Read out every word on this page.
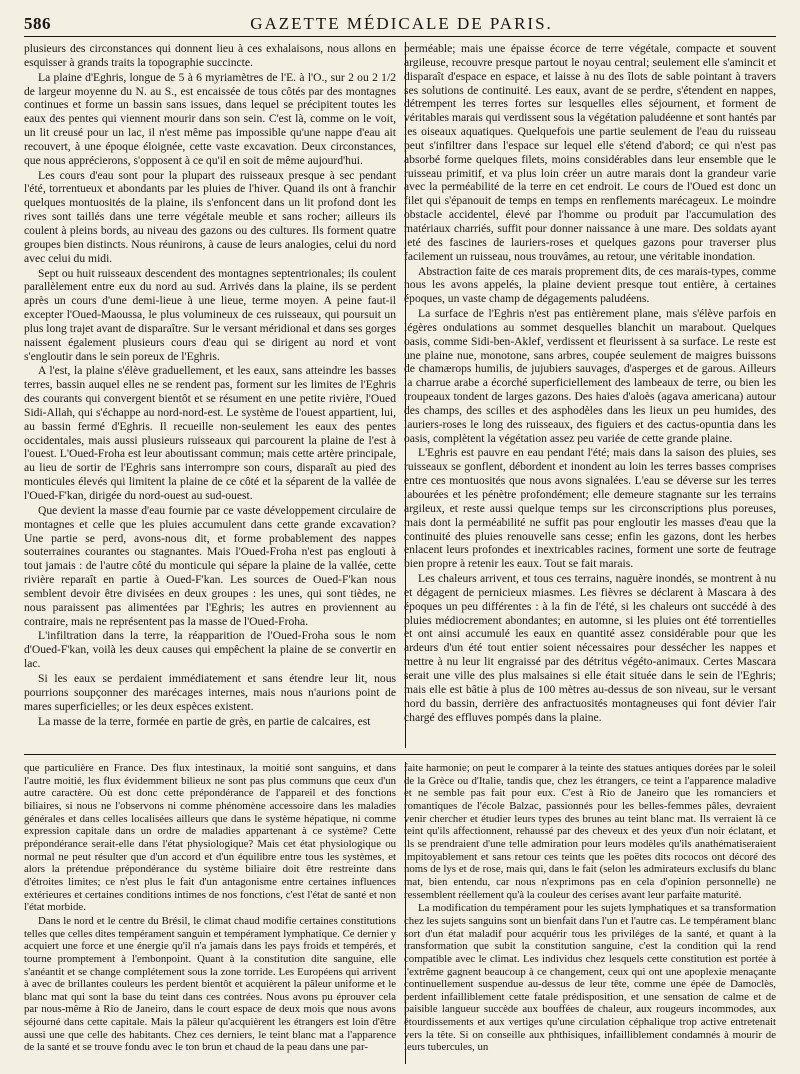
586	GAZETTE MÉDICALE DE PARIS.

plusieurs des circonstances qui donnent lieu à ces exhalaisons, nous allons en esquisser à grands traits la topographie succincte.

La plaine d'Eghris, longue de 5 à 6 myriamètres de l'E. à l'O., sur 2 ou 2 1/2 de largeur moyenne du N. au S., est encaissée de tous côtés par des montagnes continues et forme un bassin sans issues, dans lequel se précipitent toutes les eaux des pentes qui viennent mourir dans son sein. C'est là, comme on le voit, un lit creusé pour un lac, il n'est même pas impossible qu'une nappe d'eau ait recouvert, à une époque éloignée, cette vaste excavation. Deux circonstances, que nous apprécierons, s'opposent à ce qu'il en soit de même aujourd'hui.

Les cours d'eau sont pour la plupart des ruisseaux presque à sec pendant l'été, torrentueux et abondants par les pluies de l'hiver. Quand ils ont à franchir quelques montuosités de la plaine, ils s'enfoncent dans un lit profond dont les rives sont taillés dans une terre végétale meuble et sans rocher; ailleurs ils coulent à pleins bords, au niveau des gazons ou des cultures. Ils forment quatre groupes bien distincts. Nous réunirons, à cause de leurs analogies, celui du nord avec celui du midi.

Sept ou huit ruisseaux descendent des montagnes septentrionales; ils coulent parallèlement entre eux du nord au sud. Arrivés dans la plaine, ils se perdent après un cours d'une demi-lieue à une lieue, terme moyen. A peine faut-il excepter l'Oued-Maoussa, le plus volumineux de ces ruisseaux, qui poursuit un plus long trajet avant de disparaître. Sur le versant méridional et dans ses gorges naissent également plusieurs cours d'eau qui se dirigent au nord et vont s'engloutir dans le sein poreux de l'Eghris.

A l'est, la plaine s'élève graduellement, et les eaux, sans atteindre les basses terres, bassin auquel elles ne se rendent pas, forment sur les limites de l'Eghris des courants qui convergent bientôt et se résument en une petite rivière, l'Oued Sidi-Allah, qui s'échappe au nord-nord-est. Le système de l'ouest appartient, lui, au bassin fermé d'Eghris. Il recueille non-seulement les eaux des pentes occidentales, mais aussi plusieurs ruisseaux qui parcourent la plaine de l'est à l'ouest. L'Oued-Froha est leur aboutissant commun; mais cette artère principale, au lieu de sortir de l'Eghris sans interrompre son cours, disparaît au pied des monticules élevés qui limitent la plaine de ce côté et la séparent de la vallée de l'Oued-F'kan, dirigée du nord-ouest au sud-ouest.

Que devient la masse d'eau fournie par ce vaste développement circulaire de montagnes et celle que les pluies accumulent dans cette grande excavation? Une partie se perd, avons-nous dit, et forme probablement des nappes souterraines courantes ou stagnantes. Mais l'Oued-Froha n'est pas englouti à tout jamais : de l'autre côté du monticule qui sépare la plaine de la vallée, cette rivière reparaît en partie à Oued-F'kan. Les sources de Oued-F'kan nous semblent devoir être divisées en deux groupes : les unes, qui sont tièdes, ne nous paraissent pas alimentées par l'Eghris; les autres en proviennent au contraire, mais ne représentent pas la masse de l'Oued-Froha.

L'infiltration dans la terre, la réapparition de l'Oued-Froha sous le nom d'Oued-F'kan, voilà les deux causes qui empêchent la plaine de se convertir en lac.

Si les eaux se perdaient immédiatement et sans étendre leur lit, nous pourrions soupçonner des marécages internes, mais nous n'aurions point de mares superficielles; or les deux espèces existent.

La masse de la terre, formée en partie de grès, en partie de calcaires, est

perméable; mais une épaisse écorce de terre végétale, compacte et souvent argileuse, recouvre presque partout le noyau central; seulement elle s'amincit et disparaît d'espace en espace, et laisse à nu des îlots de sable pointant à travers ses solutions de continuité. Les eaux, avant de se perdre, s'étendent en nappes, détrempent les terres fortes sur lesquelles elles séjournent, et forment de véritables marais qui verdissent sous la végétation paludéenne et sont hantés par les oiseaux aquatiques. Quelquefois une partie seulement de l'eau du ruisseau peut s'infiltrer dans l'espace sur lequel elle s'étend d'abord; ce qui n'est pas absorbé forme quelques filets, moins considérables dans leur ensemble que le ruisseau primitif, et va plus loin créer un autre marais dont la grandeur varie avec la perméabilité de la terre en cet endroit. Le cours de l'Oued est donc un filet qui s'épanouit de temps en temps en renflements marécageux. Le moindre obstacle accidentel, élevé par l'homme ou produit par l'accumulation des matériaux charriés, suffit pour donner naissance à une mare. Des soldats ayant jeté des fascines de lauriers-roses et quelques gazons pour traverser plus facilement un ruisseau, nous trouvâmes, au retour, une véritable inondation.

Abstraction faite de ces marais proprement dits, de ces marais-types, comme nous les avons appelés, la plaine devient presque tout entière, à certaines époques, un vaste champ de dégagements paludéens.

La surface de l'Eghris n'est pas entièrement plane, mais s'élève parfois en légères ondulations au sommet desquelles blanchit un marabout. Quelques oasis, comme Sidi-ben-Aklef, verdissent et fleurissent à sa surface. Le reste est une plaine nue, monotone, sans arbres, coupée seulement de maigres buissons de chamærops humilis, de jujubiers sauvages, d'asperges et de garous. Ailleurs la charrue arabe a écorché superficiellement des lambeaux de terre, ou bien les troupeaux tondent de larges gazons. Des haies d'aloès (agava americana) autour des champs, des scilles et des asphodèles dans les lieux un peu humides, des lauriers-roses le long des ruisseaux, des figuiers et des cactus-opuntia dans les oasis, complètent la végétation assez peu variée de cette grande plaine.

L'Eghris est pauvre en eau pendant l'été; mais dans la saison des pluies, ses ruisseaux se gonflent, débordent et inondent au loin les terres basses comprises entre ces montuosités que nous avons signalées. L'eau se déverse sur les terres labourées et les pénètre profondément; elle demeure stagnante sur les terrains argileux, et reste aussi quelque temps sur les circonscriptions plus poreuses, mais dont la perméabilité ne suffit pas pour engloutir les masses d'eau que la continuité des pluies renouvelle sans cesse; enfin les gazons, dont les herbes enlacent leurs profondes et inextricables racines, forment une sorte de feutrage bien propre à retenir les eaux. Tout se fait marais.

Les chaleurs arrivent, et tous ces terrains, naguère inondés, se montrent à nu et dégagent de pernicieux miasmes. Les fièvres se déclarent à Mascara à des époques un peu différentes : à la fin de l'été, si les chaleurs ont succédé à des pluies médiocrement abondantes; en automne, si les pluies ont été torrentielles et ont ainsi accumulé les eaux en quantité assez considérable pour que les ardeurs d'un été tout entier soient nécessaires pour dessécher les nappes et mettre à nu leur lit engraissé par des détritus végéto-animaux. Certes Mascara serait une ville des plus malsaines si elle était située dans le sein de l'Eghris; mais elle est bâtie à plus de 100 mètres au-dessus de son niveau, sur le versant nord du bassin, derrière des anfractuosités montagneuses qui font dévier l'air chargé des effluves pompés dans la plaine.

que particulière en France. Des flux intestinaux, la moitié sont sanguins, et dans l'autre moitié, les flux évidemment bilieux ne sont pas plus communs que ceux d'un autre caractère. Où est donc cette prépondérance de l'appareil et des fonctions biliaires, si nous ne l'observons ni comme phénomène accessoire dans les maladies générales et dans celles localisées ailleurs que dans le système hépatique, ni comme expression capitale dans un ordre de maladies appartenant à ce système? Cette prépondérance serait-elle dans l'état physiologique? Mais cet état physiologique ou normal ne peut résulter que d'un accord et d'un équilibre entre tous les systèmes, et alors la prétendue prépondérance du système biliaire doit être restreinte dans d'étroites limites; ce n'est plus le fait d'un antagonisme entre certaines influences extérieures et certaines conditions intimes de nos fonctions, c'est l'état de santé et non l'état morbide.

Dans le nord et le centre du Brésil, le climat chaud modifie certaines constitutions telles que celles dites tempérament sanguin et tempérament lymphatique. Ce dernier y acquiert une force et une énergie qu'il n'a jamais dans les pays froids et tempérés, et tourne promptement à l'embonpoint. Quant à la constitution dite sanguine, elle s'anéantit et se change complétement sous la zone torride. Les Européens qui arrivent à avec de brillantes couleurs les perdent bientôt et acquièrent la pâleur uniforme et le blanc mat qui sont la base du teint dans ces contrées. Nous avons pu éprouver cela par nous-même à Rio de Janeiro, dans le court espace de deux mois que nous avons séjourné dans cette capitale. Mais la pâleur qu'acquièrent les étrangers est loin d'être aussi une que celle des habitants. Chez ces derniers, le teint blanc mat a l'apparence de la santé et se trouve fondu avec le ton brun et chaud de la peau dans une par-

faite harmonie; on peut le comparer à la teinte des statues antiques dorées par le soleil de la Grèce ou d'Italie, tandis que, chez les étrangers, ce teint a l'apparence maladive et ne semble pas fait pour eux. C'est à Rio de Janeiro que les romanciers et romantiques de l'école Balzac, passionnés pour les belles-femmes pâles, devraient venir chercher et étudier leurs types des brunes au teint blanc mat. Ils verraient là ce teint qu'ils affectionnent, rehaussé par des cheveux et des yeux d'un noir éclatant, et ils se prendraient d'une telle admiration pour leurs modèles qu'ils anathématiseraient impitoyablement et sans retour ces teints que les poëtes dits rococos ont décoré des noms de lys et de rose, mais qui, dans le fait (selon les admirateurs exclusifs du blanc mat, bien entendu, car nous n'exprimons pas en cela d'opinion personnelle) ne ressemblent réellement qu'à la couleur des cerises avant leur parfaite maturité.

La modification du tempérament pour les sujets lymphatiques et sa transformation chez les sujets sanguins sont un bienfait dans l'un et l'autre cas. Le tempérament blanc sort d'un état maladif pour acquérir tous les priviléges de la santé, et quant à la transformation que subit la constitution sanguine, c'est la condition qui la rend compatible avec le climat. Les individus chez lesquels cette constitution est portée à l'extrême gagnent beaucoup à ce changement, ceux qui ont une apoplexie menaçante continuellement suspendue au-dessus de leur tête, comme une épée de Damoclès, perdent infailliblement cette fatale prédisposition, et une sensation de calme et de paisible langueur succède aux bouffées de chaleur, aux rougeurs incommodes, aux étourdissements et aux vertiges qu'une circulation céphalique trop active entretenait vers la tête. Si on conseille aux phthisiques, infailliblement condamnés à mourir de leurs tubercules, un
